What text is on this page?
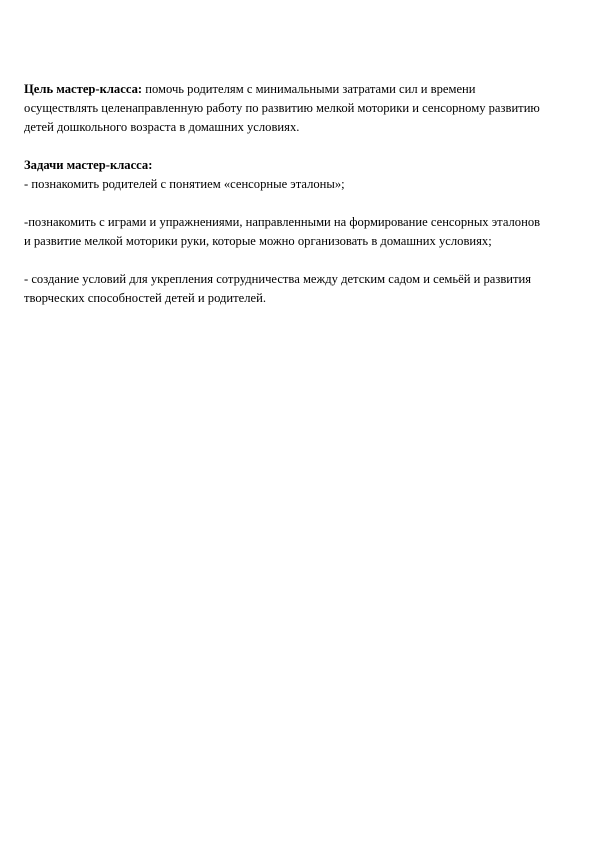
Цель мастер-класса: помочь родителям с минимальными затратами сил и времени осуществлять целенаправленную работу по развитию мелкой моторики и сенсорному развитию детей дошкольного возраста в домашних условиях.

Задачи мастер-класса:

- познакомить родителей с понятием «сенсорные эталоны»;

-познакомить с играми и упражнениями, направленными на формирование сенсорных эталонов и развитие мелкой моторики руки, которые можно организовать в домашних условиях;

- создание условий для укрепления сотрудничества между детским садом и семьёй и развития творческих способностей детей и родителей.
